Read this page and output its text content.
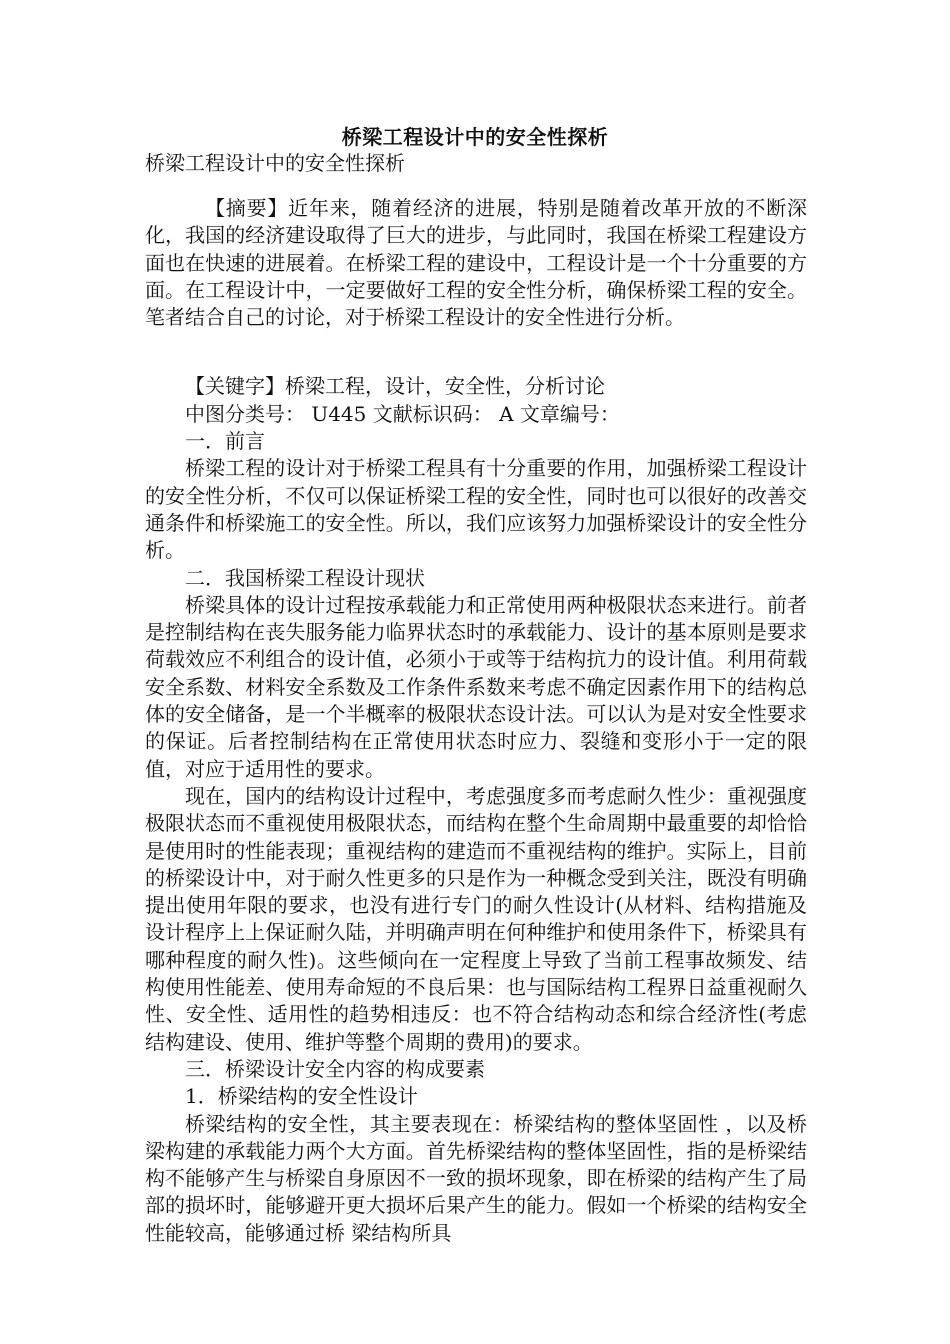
桥梁工程设计中的安全性探析
桥梁工程设计中的安全性探析

【摘要】近年来，随着经济的进展，特别是随着改革开放的不断深化，我国的经济建设取得了巨大的进步，与此同时，我国在桥梁工程建设方面也在快速的进展着。在桥梁工程的建设中，工程设计是一个十分重要的方面。在工程设计中，一定要做好工程的安全性分析，确保桥梁工程的安全。笔者结合自己的讨论，对于桥梁工程设计的安全性进行分析。

【关键字】桥梁工程，设计，安全性，分析讨论

中图分类号： U445 文献标识码： A 文章编号：

一．前言

桥梁工程的设计对于桥梁工程具有十分重要的作用，加强桥梁工程设计的安全性分析，不仅可以保证桥梁工程的安全性，同时也可以很好的改善交通条件和桥梁施工的安全性。所以，我们应该努力加强桥梁设计的安全性分析。

二．我国桥梁工程设计现状

桥梁具体的设计过程按承载能力和正常使用两种极限状态来进行。前者是控制结构在丧失服务能力临界状态时的承载能力、设计的基本原则是要求荷载效应不利组合的设计值，必须小于或等于结构抗力的设计值。利用荷载安全系数、材料安全系数及工作条件系数来考虑不确定因素作用下的结构总体的安全储备，是一个半概率的极限状态设计法。可以认为是对安全性要求的保证。后者控制结构在正常使用状态时应力、裂缝和变形小于一定的限值，对应于适用性的要求。

现在，国内的结构设计过程中，考虑强度多而考虑耐久性少：重视强度极限状态而不重视使用极限状态，而结构在整个生命周期中最重要的却恰恰是使用时的性能表现；重视结构的建造而不重视结构的维护。实际上，目前的桥梁设计中，对于耐久性更多的只是作为一种概念受到关注，既没有明确提出使用年限的要求，也没有进行专门的耐久性设计(从材料、结构措施及设计程序上上保证耐久陆，并明确声明在何种维护和使用条件下，桥梁具有哪种程度的耐久性)。这些倾向在一定程度上导致了当前工程事故频发、结构使用性能差、使用寿命短的不良后果：也与国际结构工程界日益重视耐久性、安全性、适用性的趋势相违反：也不符合结构动态和综合经济性(考虑结构建设、使用、维护等整个周期的费用)的要求。

三．桥梁设计安全内容的构成要素

1．桥梁结构的安全性设计

桥梁结构的安全性，其主要表现在：桥梁结构的整体坚固性 ，以及桥梁构建的承载能力两个大方面。首先桥梁结构的整体坚固性，指的是桥梁结构不能够产生与桥梁自身原因不一致的损坏现象，即在桥梁的结构产生了局部的损坏时，能够避开更大损坏后果产生的能力。假如一个桥梁的结构安全性能较高，能够通过桥 梁结构所具
